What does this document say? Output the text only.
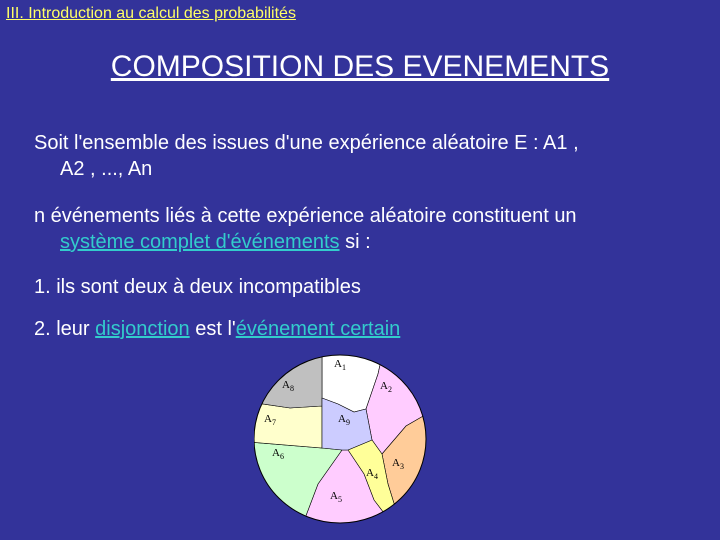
III. Introduction au calcul des probabilités
COMPOSITION DES EVENEMENTS
Soit l'ensemble des issues d'une expérience aléatoire E : A1 ,
A2 , ..., An
n événements liés à cette expérience aléatoire constituent un
système complet d'événements si :
1. ils sont deux à deux incompatibles
2. leur disjonction est l'événement certain
$A_1$
$A_2$
$A_3$
$A_4$
$A_5$
$A_6$
$A_7$
$A_8$
$A_9$
